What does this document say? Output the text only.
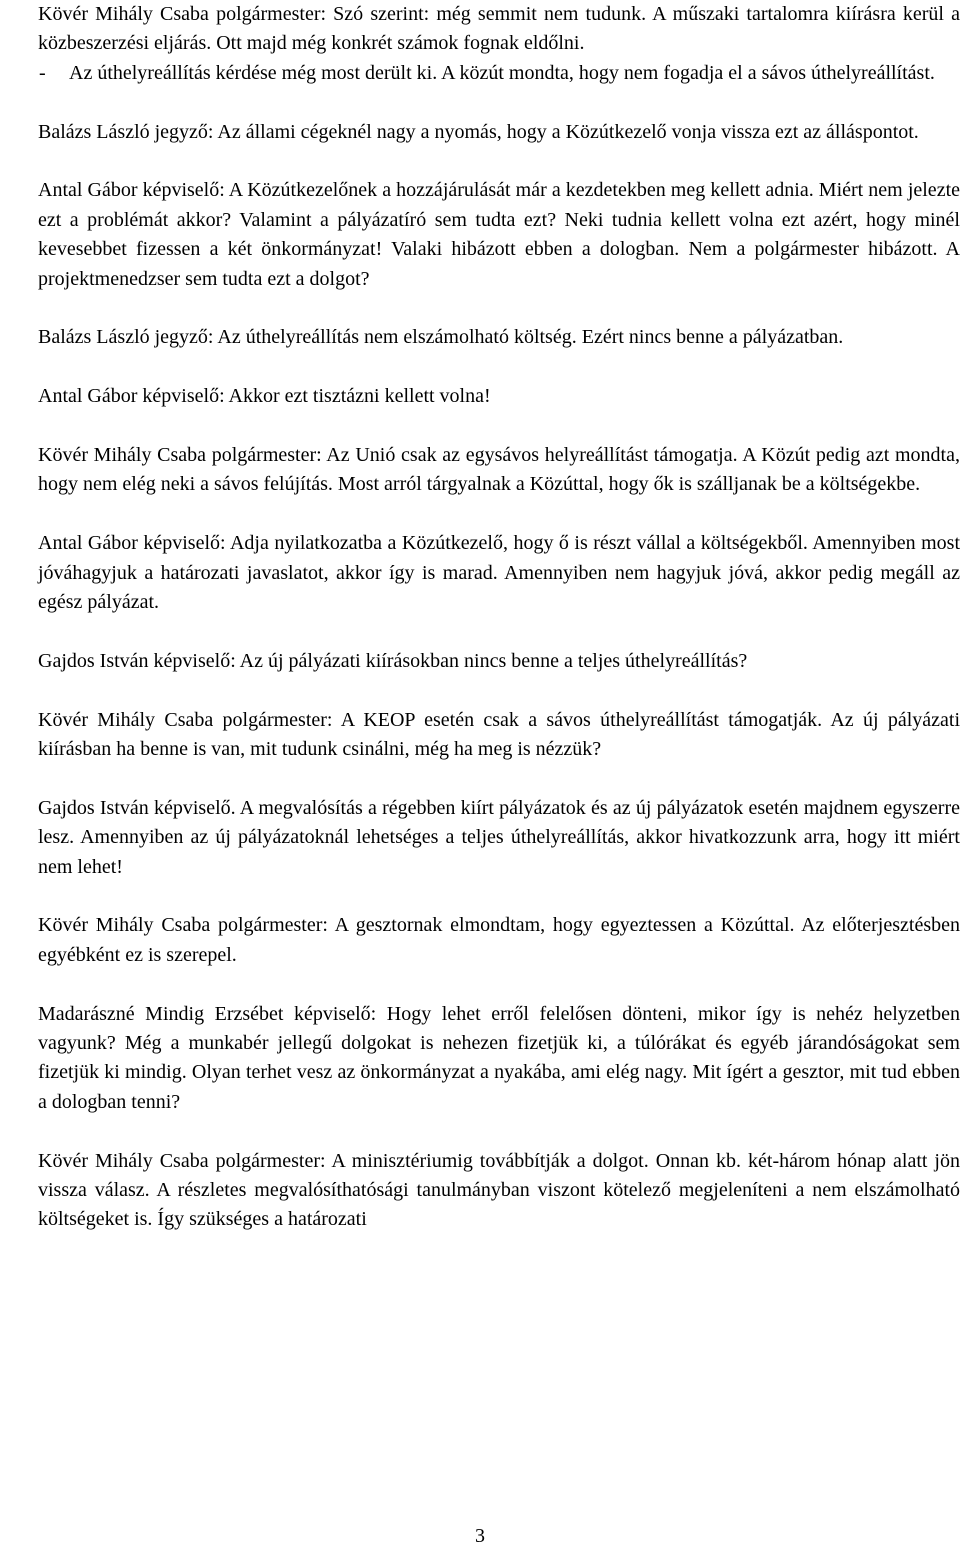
Kövér Mihály Csaba polgármester: Szó szerint: még semmit nem tudunk. A műszaki tartalomra kiírásra kerül a közbeszerzési eljárás. Ott majd még konkrét számok fognak eldőlni.

-	Az úthelyreállítás kérdése még most derült ki. A közút mondta, hogy nem fogadja el a sávos úthelyreállítást.

Balázs László jegyző: Az állami cégeknél nagy a nyomás, hogy a Közútkezelő vonja vissza ezt az álláspontot.

Antal Gábor képviselő: A Közútkezelőnek a hozzájárulását már a kezdetekben meg kellett adnia. Miért nem jelezte ezt a problémát akkor? Valamint a pályázatíró sem tudta ezt? Neki tudnia kellett volna ezt azért, hogy minél kevesebbet fizessen a két önkormányzat! Valaki hibázott ebben a dologban. Nem a polgármester hibázott. A projektmenedzser sem tudta ezt a dolgot?

Balázs László jegyző: Az úthelyreállítás nem elszámolható költség. Ezért nincs benne a pályázatban.

Antal Gábor képviselő: Akkor ezt tisztázni kellett volna!

Kövér Mihály Csaba polgármester: Az Unió csak az egysávos helyreállítást támogatja. A Közút pedig azt mondta, hogy nem elég neki a sávos felújítás. Most arról tárgyalnak a Közúttal, hogy ők is szálljanak be a költségekbe.

Antal Gábor képviselő: Adja nyilatkozatba a Közútkezelő, hogy ő is részt vállal a költségekből. Amennyiben most jóváhagyjuk a határozati javaslatot, akkor így is marad. Amennyiben nem hagyjuk jóvá, akkor pedig megáll az egész pályázat.

Gajdos István képviselő: Az új pályázati kiírásokban nincs benne a teljes úthelyreállítás?

Kövér Mihály Csaba polgármester: A KEOP esetén csak a sávos úthelyreállítást támogatják. Az új pályázati kiírásban ha benne is van, mit tudunk csinálni, még ha meg is nézzük?

Gajdos István képviselő. A megvalósítás a régebben kiírt pályázatok és az új pályázatok esetén majdnem egyszerre lesz. Amennyiben az új pályázatoknál lehetséges a teljes úthelyreállítás, akkor hivatkozzunk arra, hogy itt miért nem lehet!

Kövér Mihály Csaba polgármester: A gesztornak elmondtam, hogy egyeztessen a Közúttal. Az előterjesztésben egyébként ez is szerepel.

Madarászné Mindig Erzsébet képviselő: Hogy lehet erről felelősen dönteni, mikor így is nehéz helyzetben vagyunk? Még a munkabér jellegű dolgokat is nehezen fizetjük ki, a túlórákat és egyéb járandóságokat sem fizetjük ki mindig. Olyan terhet vesz az önkormányzat a nyakába, ami elég nagy. Mit ígért a gesztor, mit tud ebben a dologban tenni?

Kövér Mihály Csaba polgármester: A minisztériumig továbbítják a dolgot. Onnan kb. két-három hónap alatt jön vissza válasz. A részletes megvalósíthatósági tanulmányban viszont kötelező megjeleníteni a nem elszámolható költségeket is. Így szükséges a határozati

3
